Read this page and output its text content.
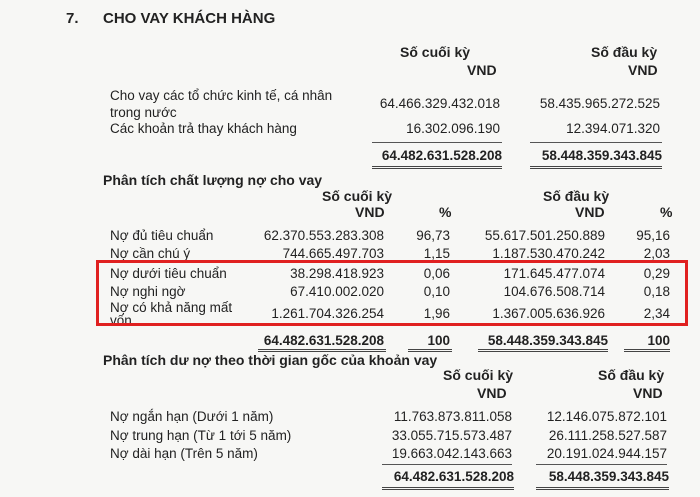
7. CHO VAY KHÁCH HÀNG
Số cuối kỳ	Số đầu kỳ
VND	VND
Cho vay các tổ chức kinh tế, cá nhân
trong nước
64.466.329.432.018	58.435.965.272.525
Các khoản trả thay khách hàng	16.302.096.190	12.394.071.320
64.482.631.528.208	58.448.359.343.845
Phân tích chất lượng nợ cho vay
Số cuối kỳ	Số đầu kỳ
VND	%	VND	%
Nợ đủ tiêu chuẩn	62.370.553.283.308	96,73	55.617.501.250.889	95,16
Nợ cần chú ý	744.665.497.703	1,15	1.187.530.470.242	2,03
Nợ dưới tiêu chuẩn	38.298.418.923	0,06	171.645.477.074	0,29
Nợ nghi ngờ	67.410.002.020	0,10	104.676.508.714	0,18
Nợ có khả năng mất
vốn	1.261.704.326.254	1,96	1.367.005.636.926	2,34
64.482.631.528.208	100	58.448.359.343.845	100
Phân tích dư nợ theo thời gian gốc của khoản vay
Số cuối kỳ	Số đầu kỳ
VND	VND
Nợ ngắn hạn (Dưới 1 năm)	11.763.873.811.058	12.146.075.872.101
Nợ trung hạn (Từ 1 tới 5 năm)	33.055.715.573.487	26.111.258.527.587
Nợ dài hạn (Trên 5 năm)	19.663.042.143.663	20.191.024.944.157
64.482.631.528.208	58.448.359.343.845
